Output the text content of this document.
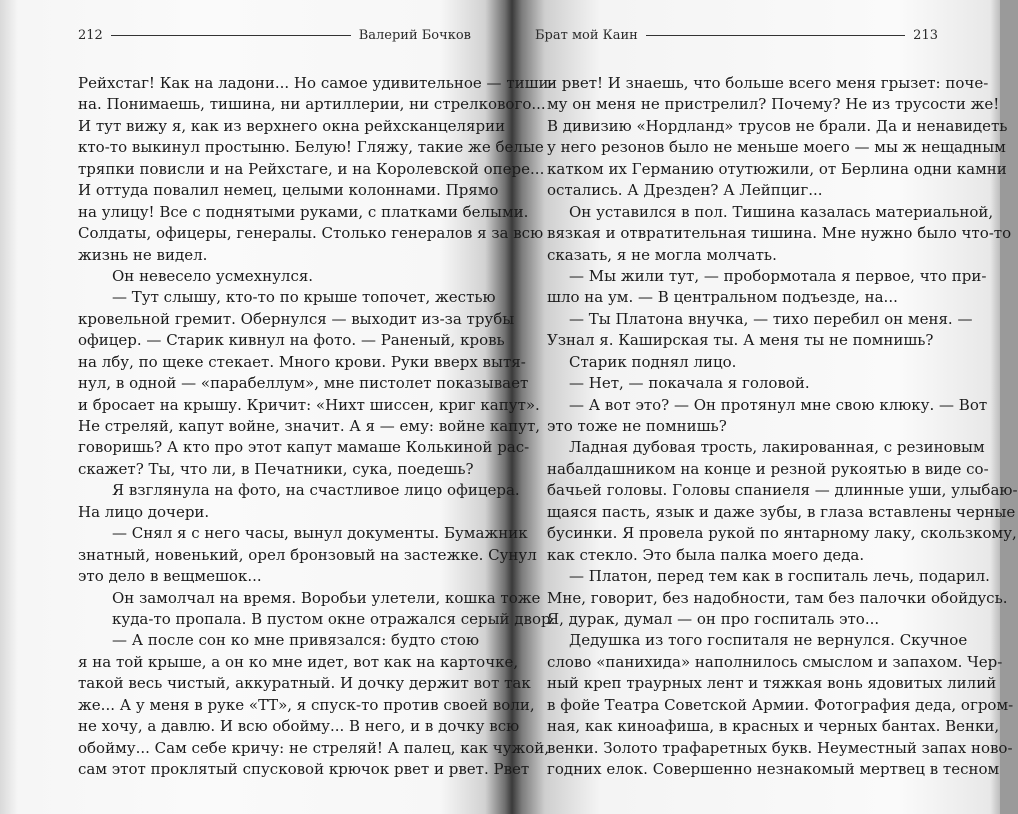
212	Валерий Бочков
Рейхстаг! Как на ладони... Но самое удивительное — тиши-
на. Понимаешь, тишина, ни артиллерии, ни стрелкового...
И тут вижу я, как из верхнего окна рейхсканцелярии
кто-то выкинул простыню. Белую! Гляжу, такие же белые
тряпки повисли и на Рейхстаге, и на Королевской опере...
И оттуда повалил немец, целыми колоннами. Прямо
на улицу! Все с поднятыми руками, с платками белыми.
Солдаты, офицеры, генералы. Столько генералов я за всю
жизнь не видел.
Он невесело усмехнулся.
— Тут слышу, кто-то по крыше топочет, жестью
кровельной гремит. Обернулся — выходит из-за трубы
офицер. — Старик кивнул на фото. — Раненый, кровь
на лбу, по щеке стекает. Много крови. Руки вверх вытя-
нул, в одной — «парабеллум», мне пистолет показывает
и бросает на крышу. Кричит: «Нихт шиссен, криг капут».
Не стреляй, капут войне, значит. А я — ему: войне капут,
говоришь? А кто про этот капут мамаше Колькиной рас-
скажет? Ты, что ли, в Печатники, сука, поедешь?
Я взглянула на фото, на счастливое лицо офицера.
На лицо дочери.
— Снял я с него часы, вынул документы. Бумажник
знатный, новенький, орел бронзовый на застежке. Сунул
это дело в вещмешок...
Он замолчал на время. Воробьи улетели, кошка тоже
куда-то пропала. В пустом окне отражался серый двор.
— А после сон ко мне привязался: будто стою
я на той крыше, а он ко мне идет, вот как на карточке,
такой весь чистый, аккуратный. И дочку держит вот так
же... А у меня в руке «ТТ», я спуск-то против своей воли,
не хочу, а давлю. И всю обойму... В него, и в дочку всю
обойму... Сам себе кричу: не стреляй! А палец, как чужой,
сам этот проклятый спусковой крючок рвет и рвет. Рвет
Брат мой Каин	213
и рвет! И знаешь, что больше всего меня грызет: поче-
му он меня не пристрелил? Почему? Не из трусости же!
В дивизию «Нордланд» трусов не брали. Да и ненавидеть
у него резонов было не меньше моего — мы ж нещадным
катком их Германию отутюжили, от Берлина одни камни
остались. А Дрезден? А Лейпциг...
Он уставился в пол. Тишина казалась материальной,
вязкая и отвратительная тишина. Мне нужно было что-то
сказать, я не могла молчать.
— Мы жили тут, — пробормотала я первое, что при-
шло на ум. — В центральном подъезде, на...
— Ты Платона внучка, — тихо перебил он меня. —
Узнал я. Каширская ты. А меня ты не помнишь?
Старик поднял лицо.
— Нет, — покачала я головой.
— А вот это? — Он протянул мне свою клюку. — Вот
это тоже не помнишь?
Ладная дубовая трость, лакированная, с резиновым
набалдашником на конце и резной рукоятью в виде со-
бачьей головы. Головы спаниеля — длинные уши, улыбаю-
щаяся пасть, язык и даже зубы, в глаза вставлены черные
бусинки. Я провела рукой по янтарному лаку, скользкому,
как стекло. Это была палка моего деда.
— Платон, перед тем как в госпиталь лечь, подарил.
Мне, говорит, без надобности, там без палочки обойдусь.
Я, дурак, думал — он про госпиталь это...
Дедушка из того госпиталя не вернулся. Скучное
слово «панихида» наполнилось смыслом и запахом. Чер-
ный креп траурных лент и тяжкая вонь ядовитых лилий
в фойе Театра Советской Армии. Фотография деда, огром-
ная, как киноафиша, в красных и черных бантах. Венки,
венки. Золото трафаретных букв. Неуместный запах ново-
годних елок. Совершенно незнакомый мертвец в тесном
